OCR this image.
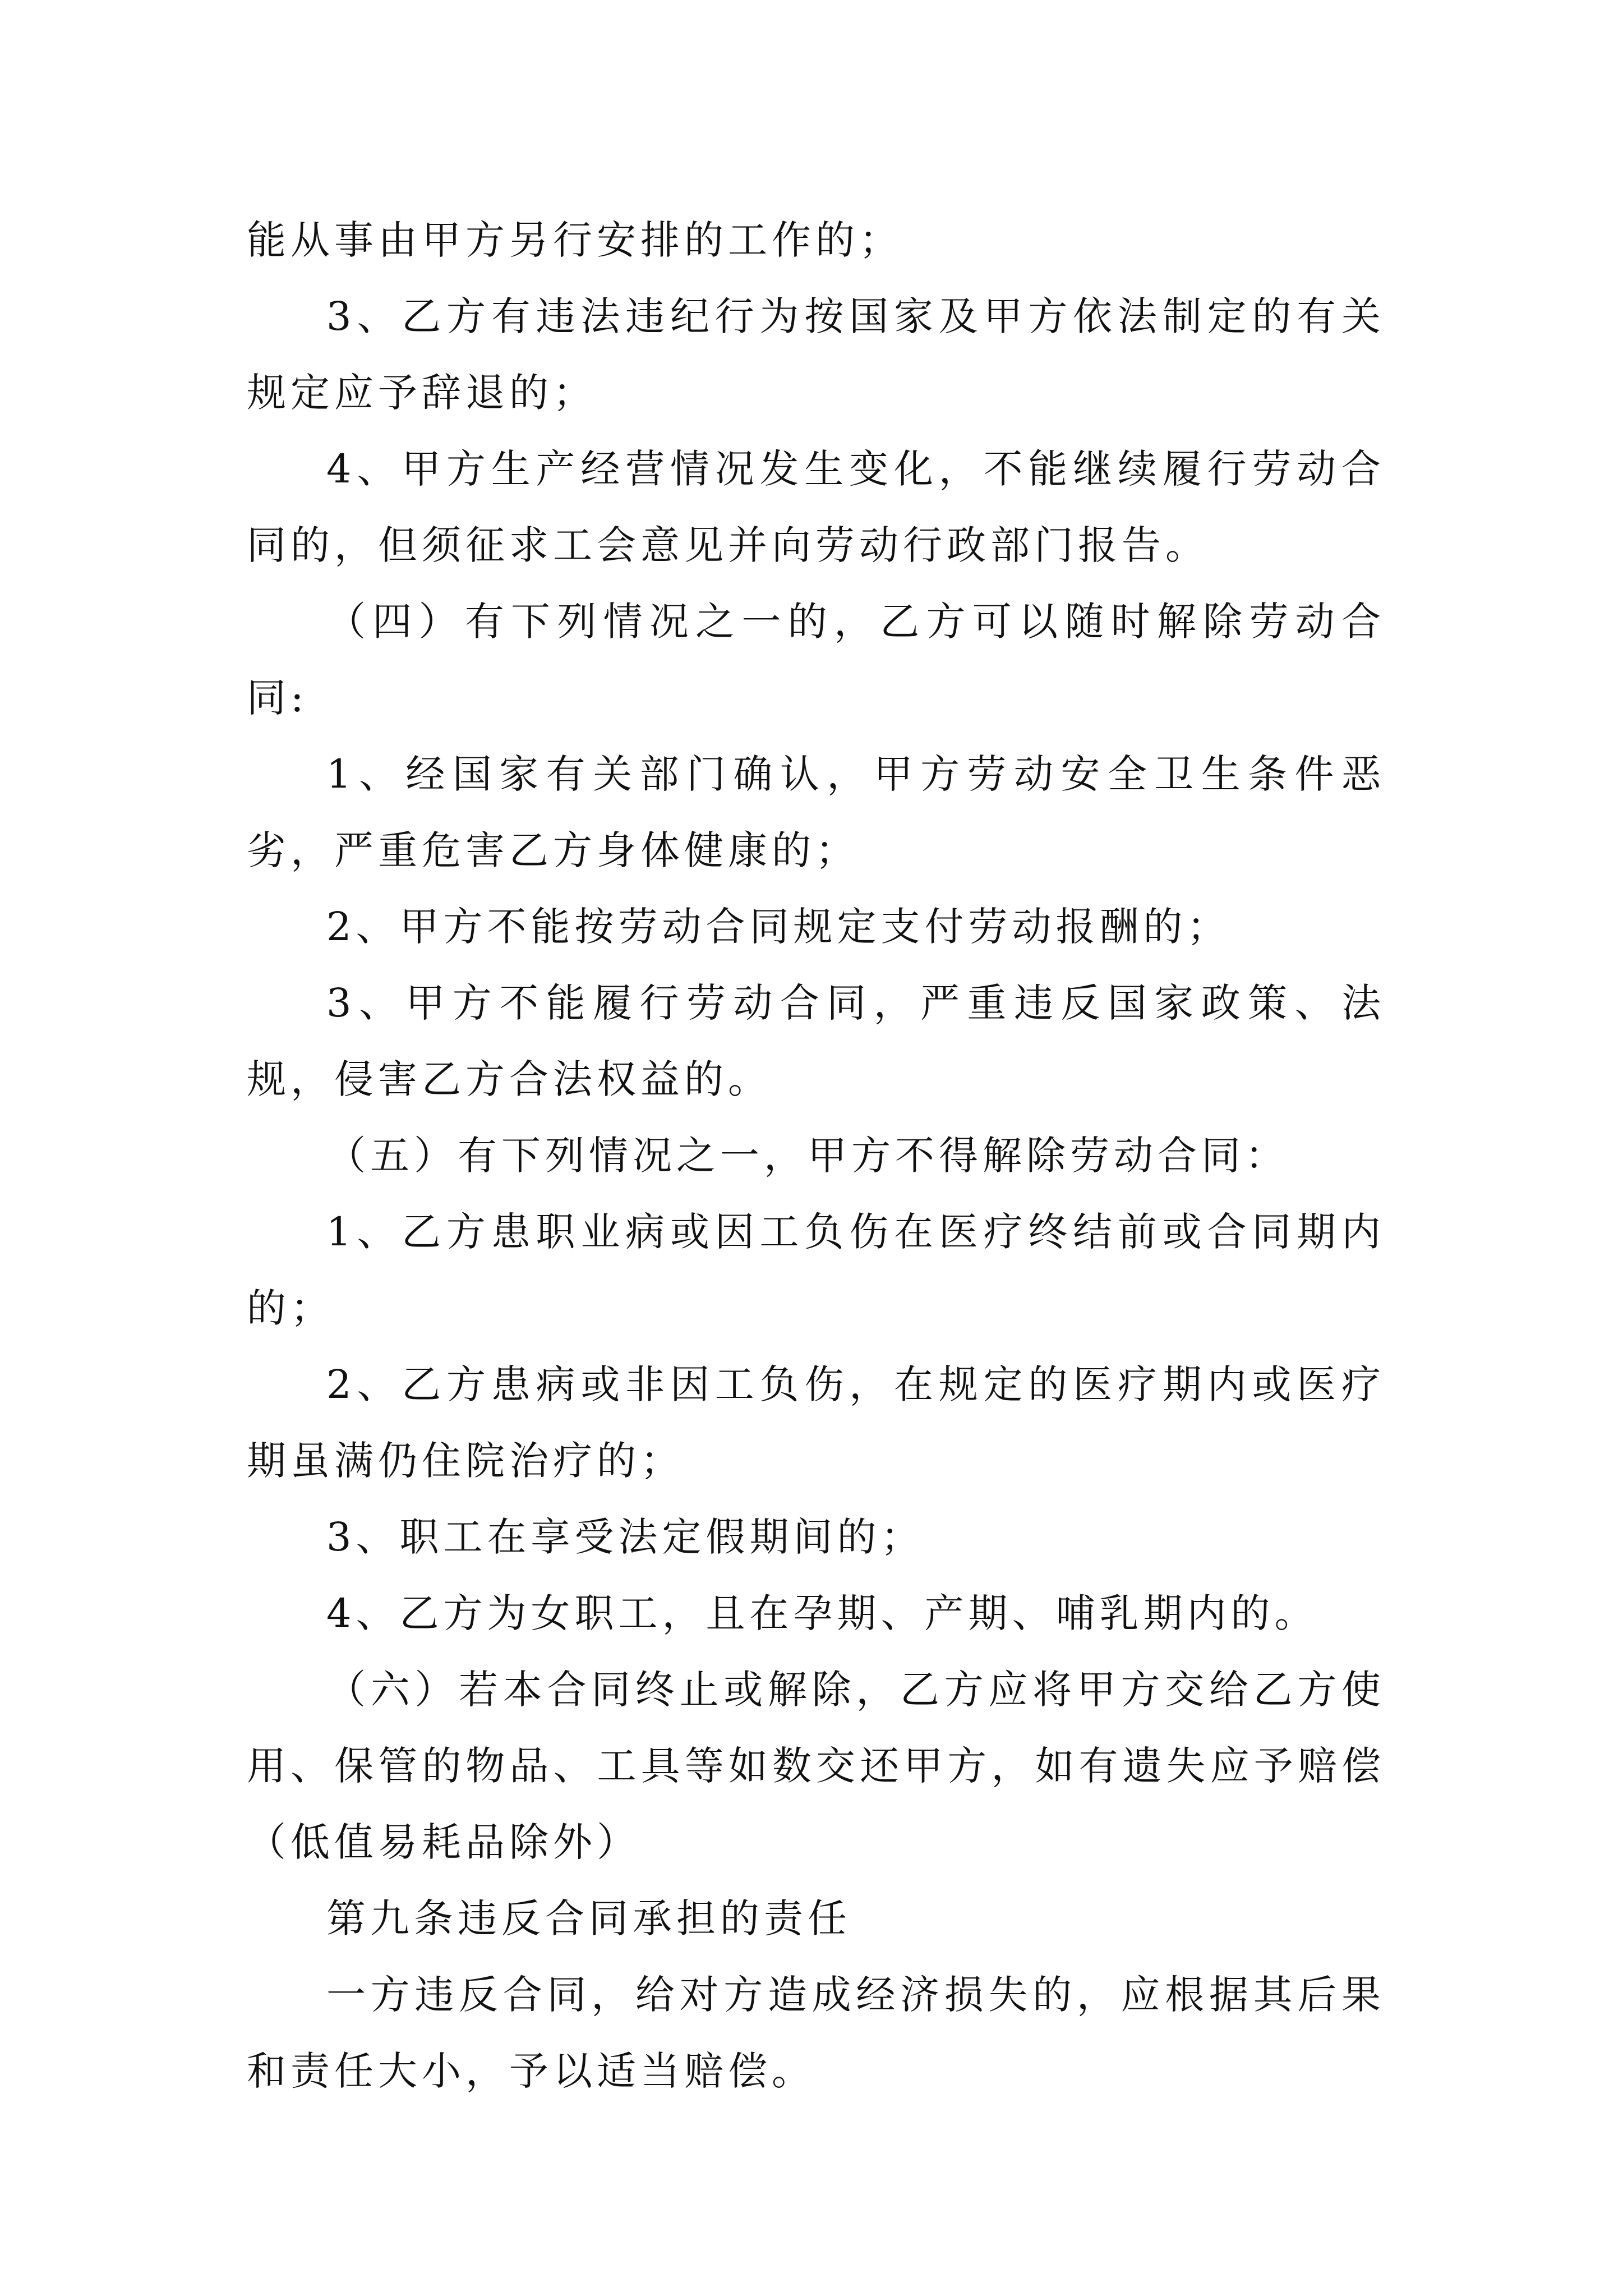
能从事由甲方另行安排的工作的；

3、乙方有违法违纪行为按国家及甲方依法制定的有关规定应予辞退的；

4、甲方生产经营情况发生变化，不能继续履行劳动合同的，但须征求工会意见并向劳动行政部门报告。

（四）有下列情况之一的，乙方可以随时解除劳动合同:

1、经国家有关部门确认，甲方劳动安全卫生条件恶劣，严重危害乙方身体健康的；

2、甲方不能按劳动合同规定支付劳动报酬的；

3、甲方不能履行劳动合同，严重违反国家政策、法规，侵害乙方合法权益的。

（五）有下列情况之一，甲方不得解除劳动合同：

1、乙方患职业病或因工负伤在医疗终结前或合同期内的；

2、乙方患病或非因工负伤，在规定的医疗期内或医疗期虽满仍住院治疗的；

3、职工在享受法定假期间的；

4、乙方为女职工，且在孕期、产期、哺乳期内的。

（六）若本合同终止或解除，乙方应将甲方交给乙方使用、保管的物品、工具等如数交还甲方，如有遗失应予赔偿（低值易耗品除外）

第九条违反合同承担的责任

一方违反合同，给对方造成经济损失的，应根据其后果和责任大小，予以适当赔偿。
